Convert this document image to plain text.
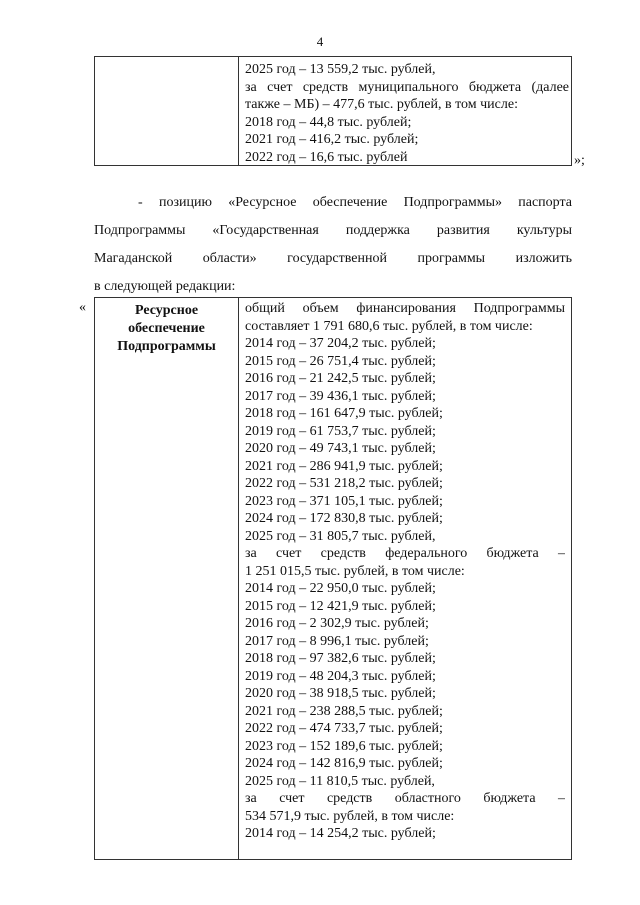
4
2025 год – 13 559,2 тыс. рублей,
за счет средств муниципального бюджета (далее
также – МБ) – 477,6 тыс. рублей, в том числе:
2018 год – 44,8 тыс. рублей;
2021 год – 416,2 тыс. рублей;
2022 год – 16,6 тыс. рублей	»;
- позицию «Ресурсное обеспечение Подпрограммы» паспорта
Подпрограммы «Государственная поддержка развития культуры
Магаданской области» государственной программы изложить
в следующей редакции:
«	Ресурсное
обеспечение
Подпрограммы
общий объем финансирования Подпрограммы
составляет 1 791 680,6 тыс. рублей, в том числе:
2014 год – 37 204,2 тыс. рублей;
2015 год – 26 751,4 тыс. рублей;
2016 год – 21 242,5 тыс. рублей;
2017 год – 39 436,1 тыс. рублей;
2018 год – 161 647,9 тыс. рублей;
2019 год – 61 753,7 тыс. рублей;
2020 год – 49 743,1 тыс. рублей;
2021 год – 286 941,9 тыс. рублей;
2022 год – 531 218,2 тыс. рублей;
2023 год – 371 105,1 тыс. рублей;
2024 год – 172 830,8 тыс. рублей;
2025 год – 31 805,7 тыс. рублей,
за счет средств федерального бюджета –
1 251 015,5 тыс. рублей, в том числе:
2014 год – 22 950,0 тыс. рублей;
2015 год – 12 421,9 тыс. рублей;
2016 год – 2 302,9 тыс. рублей;
2017 год – 8 996,1 тыс. рублей;
2018 год – 97 382,6 тыс. рублей;
2019 год – 48 204,3 тыс. рублей;
2020 год – 38 918,5 тыс. рублей;
2021 год – 238 288,5 тыс. рублей;
2022 год – 474 733,7 тыс. рублей;
2023 год – 152 189,6 тыс. рублей;
2024 год – 142 816,9 тыс. рублей;
2025 год – 11 810,5 тыс. рублей,
за счет средств областного бюджета –
534 571,9 тыс. рублей, в том числе:
2014 год – 14 254,2 тыс. рублей;
